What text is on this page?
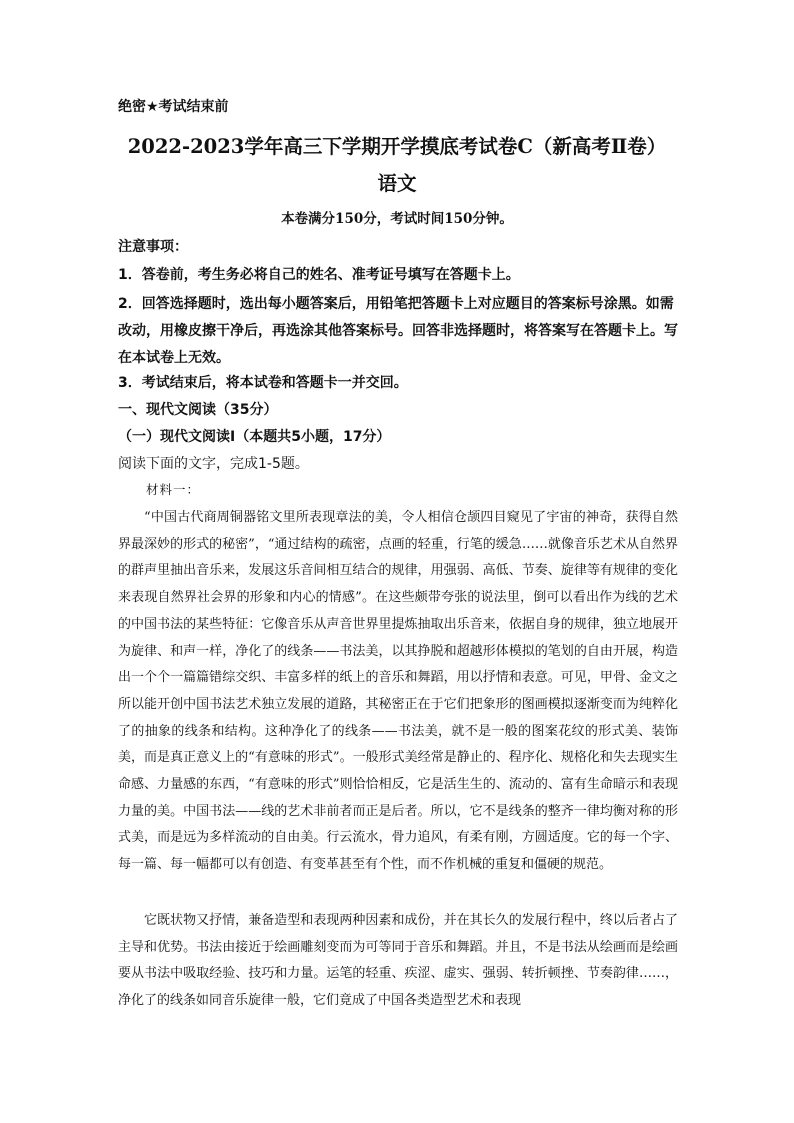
绝密★考试结束前
2022-2023学年高三下学期开学摸底考试卷C（新高考Ⅱ卷）
语文
本卷满分150分，考试时间150分钟。
注意事项：
1．答卷前，考生务必将自己的姓名、准考证号填写在答题卡上。
2．回答选择题时，选出每小题答案后，用铅笔把答题卡上对应题目的答案标号涂黑。如需改动，用橡皮擦干净后，再选涂其他答案标号。回答非选择题时，将答案写在答题卡上。写在本试卷上无效。
3．考试结束后，将本试卷和答题卡一并交回。
一、现代文阅读（35分）
（一）现代文阅读Ⅰ（本题共5小题，17分）
阅读下面的文字，完成1-5题。
材料一：

“中国古代商周铜器铭文里所表现章法的美，令人相信仓颉四目窥见了宇宙的神奇，获得自然界最深妙的形式的秘密”，“通过结构的疏密，点画的轻重，行笔的缓急……就像音乐艺术从自然界的群声里抽出音乐来，发展这乐音间相互结合的规律，用强弱、高低、节奏、旋律等有规律的变化来表现自然界社会界的形象和内心的情感”。在这些颇带夸张的说法里，倒可以看出作为线的艺术的中国书法的某些特征：它像音乐从声音世界里提炼抽取出乐音来，依据自身的规律，独立地展开为旋律、和声一样，净化了的线条——书法美，以其挣脱和超越形体模拟的笔划的自由开展，构造出一个个一篇篇错综交织、丰富多样的纸上的音乐和舞蹈，用以抒情和表意。可见，甲骨、金文之所以能开创中国书法艺术独立发展的道路，其秘密正在于它们把象形的图画模拟逐渐变而为纯粹化了的抽象的线条和结构。这种净化了的线条——书法美，就不是一般的图案花纹的形式美、装饰美，而是真正意义上的“有意味的形式”。一般形式美经常是静止的、程序化、规格化和失去现实生命感、力量感的东西，“有意味的形式”则恰恰相反，它是活生生的、流动的、富有生命暗示和表现力量的美。中国书法——线的艺术非前者而正是后者。所以，它不是线条的整齐一律均衡对称的形式美，而是远为多样流动的自由美。行云流水，骨力追风，有柔有刚，方圆适度。它的每一个字、每一篇、每一幅都可以有创造、有变革甚至有个性，而不作机械的重复和僵硬的规范。

它既状物又抒情，兼备造型和表现两种因素和成份，并在其长久的发展行程中，终以后者占了主导和优势。书法由接近于绘画雕刻变而为可等同于音乐和舞蹈。并且，不是书法从绘画而是绘画要从书法中吸取经验、技巧和力量。运笔的轻重、疾涩、虚实、强弱、转折顿挫、节奏韵律……，净化了的线条如同音乐旋律一般，它们竟成了中国各类造型艺术和表现
